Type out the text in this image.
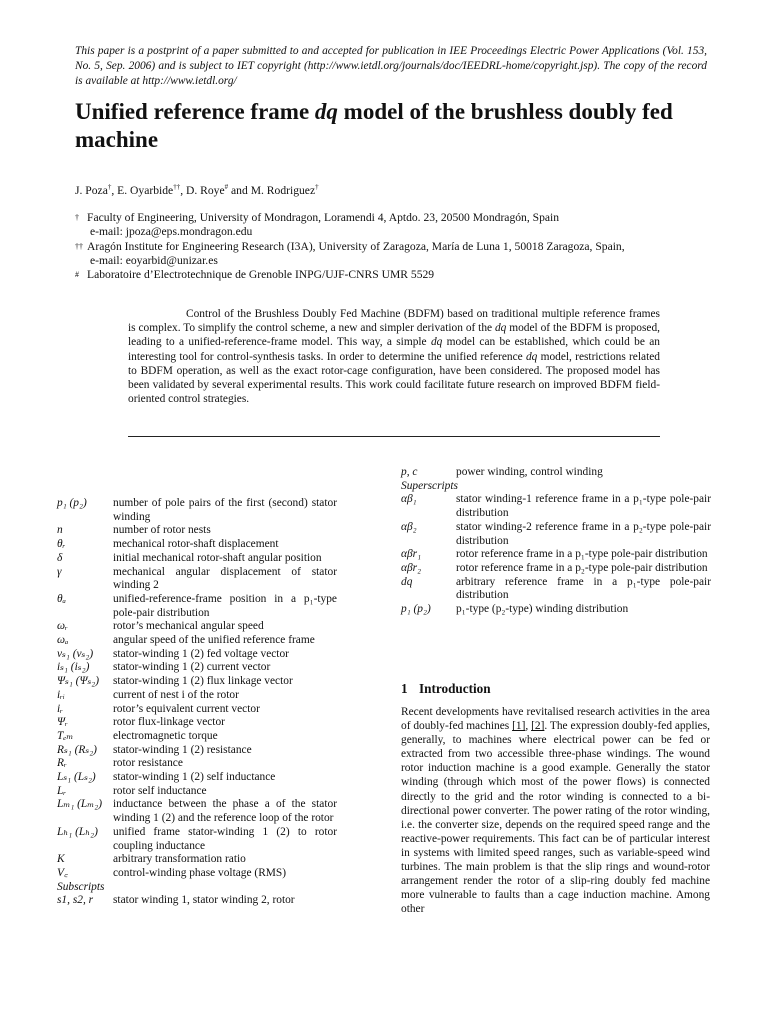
This paper is a postprint of a paper submitted to and accepted for publication in IEE Proceedings Electric Power Applications (Vol. 153, No. 5, Sep. 2006) and is subject to IET copyright (http://www.ietdl.org/journals/doc/IEEDRL-home/copyright.jsp). The copy of the record is available at http://www.ietdl.org/
Unified reference frame dq model of the brushless doubly fed machine
J. Poza†, E. Oyarbide††, D. Roye# and M. Rodriguez†
† Faculty of Engineering, University of Mondragon, Loramendi 4, Aptdo. 23, 20500 Mondragón, Spain
e-mail: jpoza@eps.mondragon.edu
†† Aragón Institute for Engineering Research (I3A), University of Zaragoza, María de Luna 1, 50018 Zaragoza, Spain,
e-mail: eoyarbid@unizar.es
# Laboratoire d’Electrotechnique de Grenoble INPG/UJF-CNRS UMR 5529
Control of the Brushless Doubly Fed Machine (BDFM) based on traditional multiple reference frames is complex. To simplify the control scheme, a new and simpler derivation of the dq model of the BDFM is proposed, leading to a unified-reference-frame model. This way, a simple dq model can be established, which could be an interesting tool for control-synthesis tasks. In order to determine the unified reference dq model, restrictions related to BDFM operation, as well as the exact rotor-cage configuration, have been considered. The proposed model has been validated by several experimental results. This work could facilitate future research on improved BDFM field-oriented control strategies.
p₁ (p₂)	number of pole pairs of the first (second) stator winding
n	number of rotor nests
θᵣ	mechanical rotor-shaft displacement
δ	initial mechanical rotor-shaft angular position
γ	mechanical angular displacement of stator winding 2
θₐ	unified-reference-frame position in a p₁-type pole-pair distribution
ωᵣ	rotor’s mechanical angular speed
ωₐ	angular speed of the unified reference frame
vₛ₁ (vₛ₂)	stator-winding 1 (2) fed voltage vector
iₛ₁ (iₛ₂)	stator-winding 1 (2) current vector
Ψₛ₁ (Ψₛ₂)	stator-winding 1 (2) flux linkage vector
iᵣᵢ	current of nest i of the rotor
iᵣ	rotor’s equivalent current vector
Ψᵣ	rotor flux-linkage vector
Tₑₘ	electromagnetic torque
Rₛ₁ (Rₛ₂)	stator-winding 1 (2) resistance
Rᵣ	rotor resistance
Lₛ₁ (Lₛ₂)	stator-winding 1 (2) self inductance
Lᵣ	rotor self inductance
Lₘ₁ (Lₘ₂) inductance between the phase a of the stator winding 1 (2) and the reference loop of the rotor
Lₕ₁ (Lₕ₂)	unified frame stator-winding 1 (2) to rotor coupling inductance
K	arbitrary transformation ratio
V꜀	control-winding phase voltage (RMS)
Subscripts
s1, s2, r	stator winding 1, stator winding 2, rotor
p, c	power winding, control winding
Superscripts
αβ₁	stator winding-1 reference frame in a p₁-type pole-pair distribution
αβ₂	stator winding-2 reference frame in a p₂-type pole-pair distribution
αβr₁	rotor reference frame in a p₁-type pole-pair distribution
αβr₂	rotor reference frame in a p₂-type pole-pair distribution
dq	arbitrary reference frame in a p₁-type pole-pair distribution
p₁ (p₂)	p₁-type (p₂-type) winding distribution
1 Introduction
Recent developments have revitalised research activities in the area of doubly-fed machines [1], [2]. The expression doubly-fed applies, generally, to machines where electrical power can be fed or extracted from two accessible three-phase windings. The wound rotor induction machine is a good example. Generally the stator winding (through which most of the power flows) is connected directly to the grid and the rotor winding is connected to a bi-directional power converter. The power rating of the rotor winding, i.e. the converter size, depends on the required speed range and the reactive-power requirements. This fact can be of particular interest in systems with limited speed ranges, such as variable-speed wind turbines. The main problem is that the slip rings and wound-rotor arrangement render the rotor of a slip-ring doubly fed machine more vulnerable to faults than a cage induction machine. Among other
